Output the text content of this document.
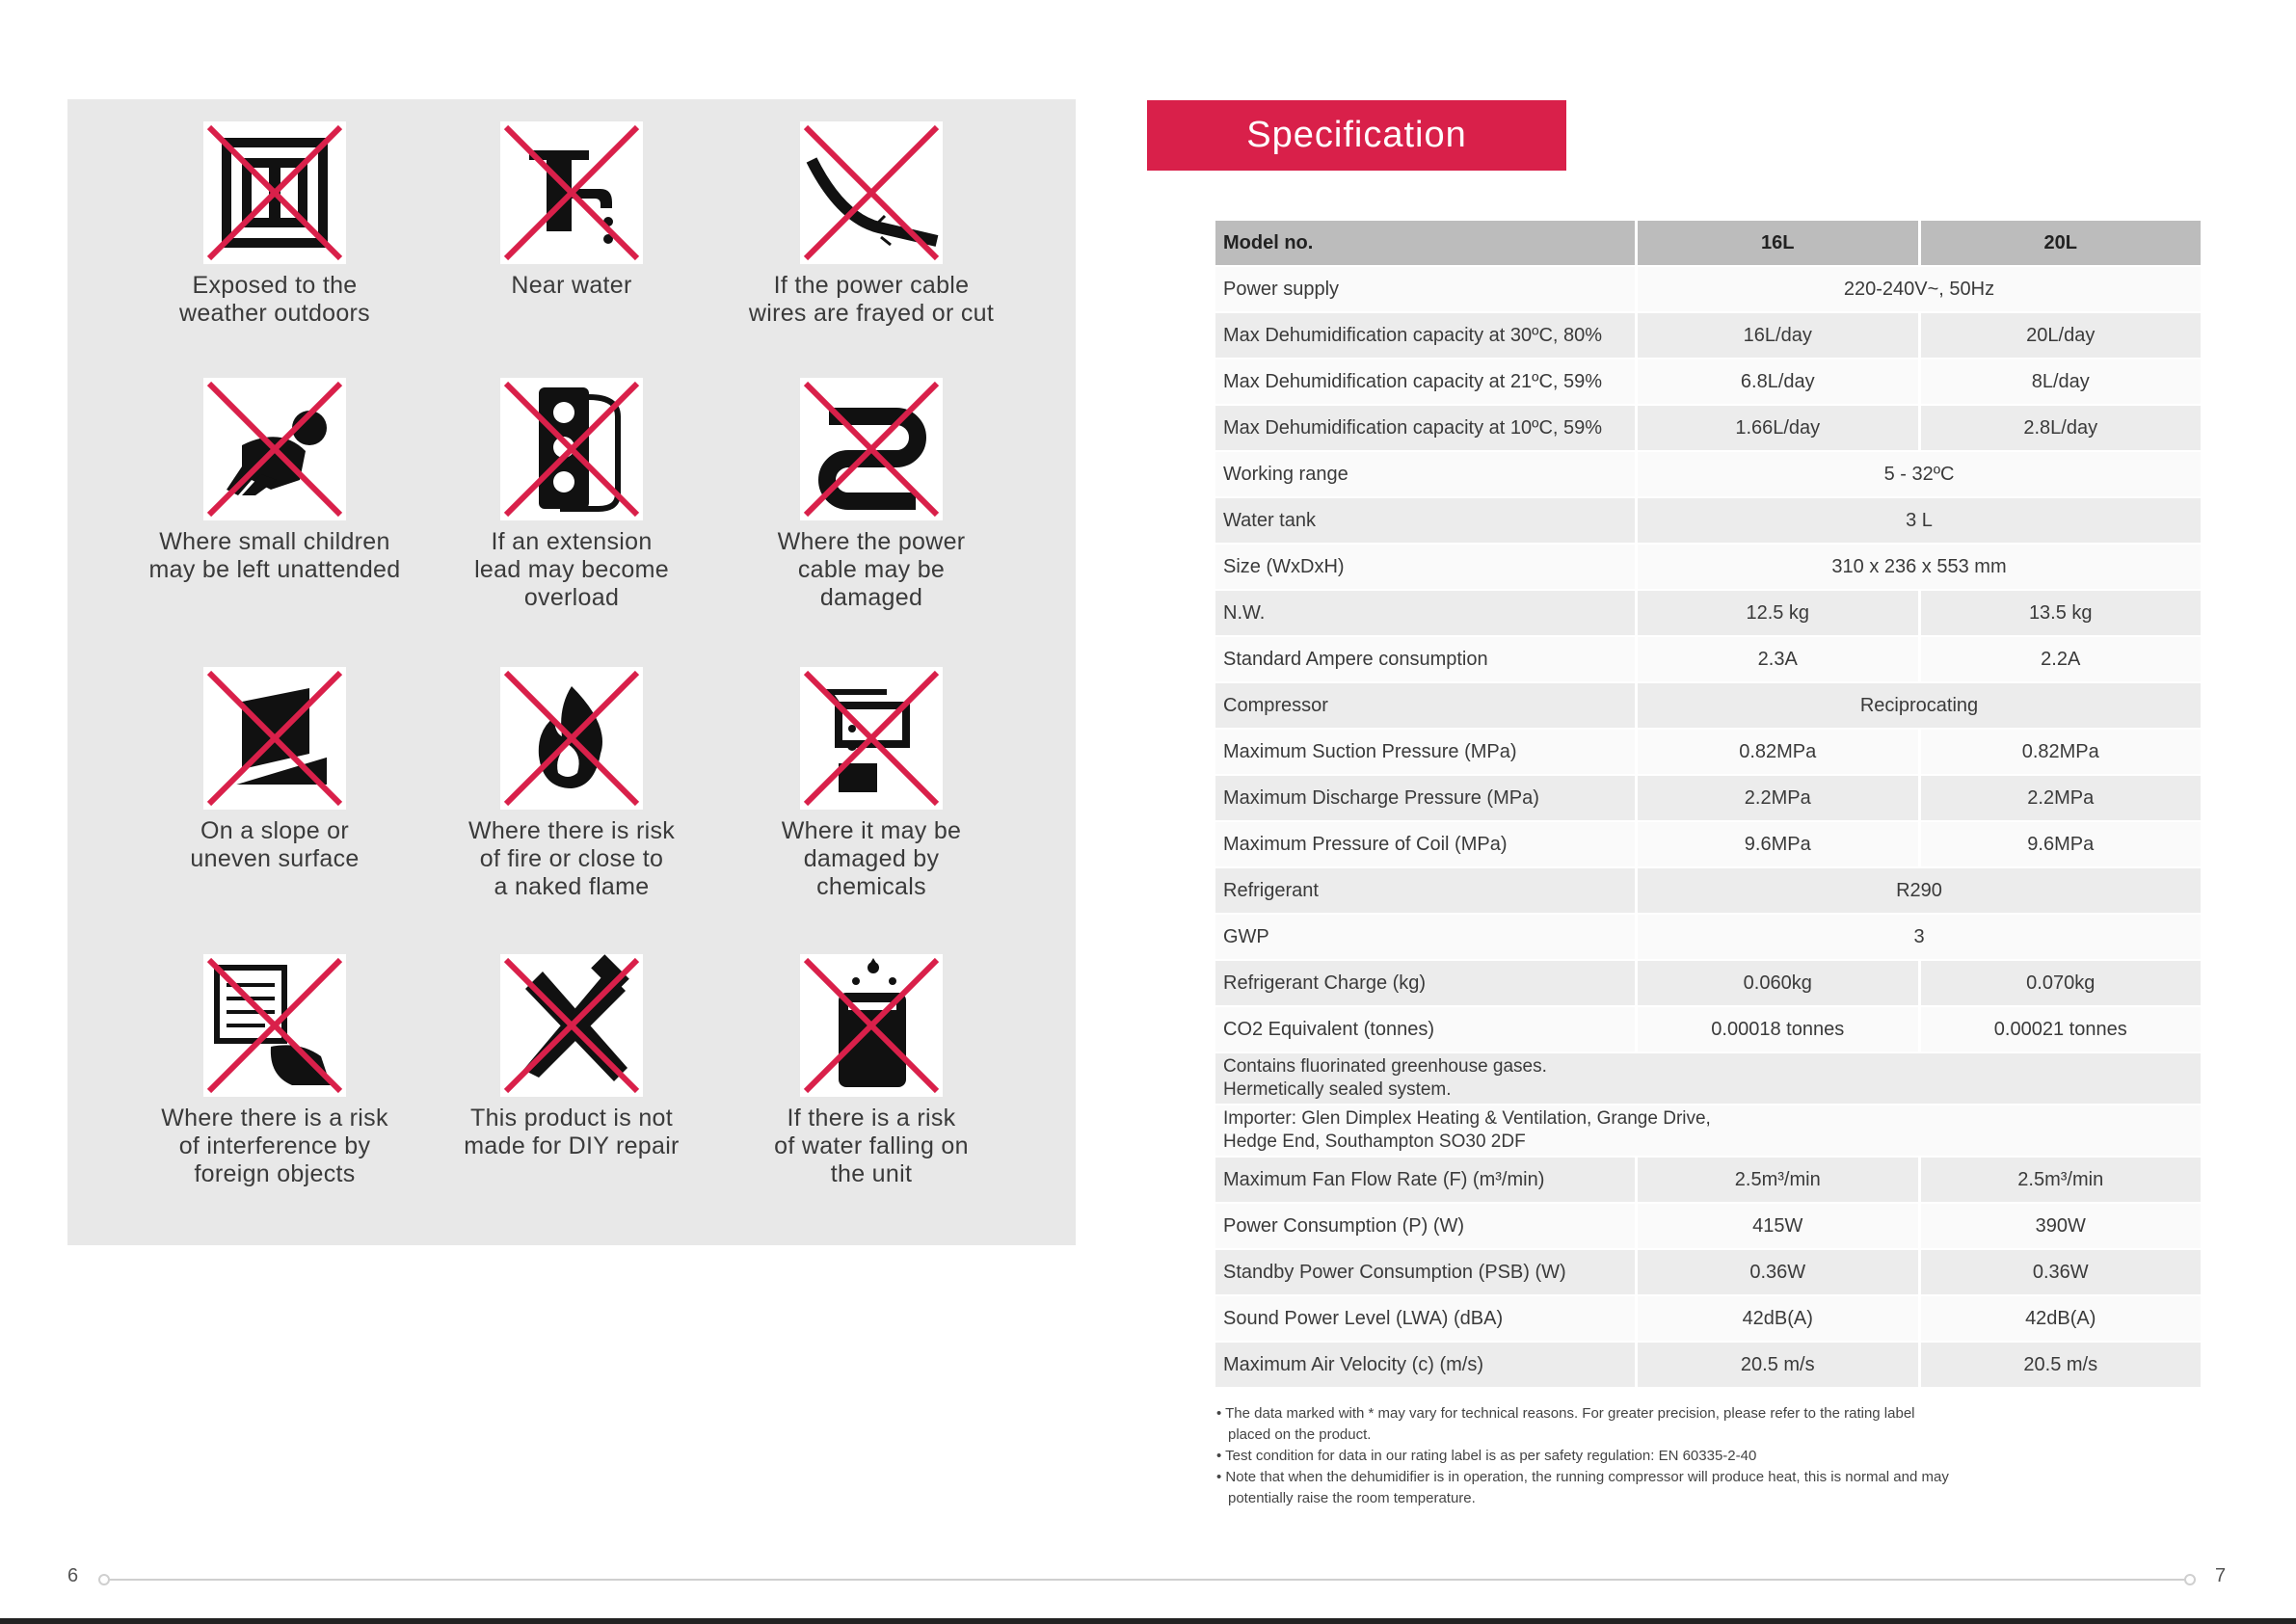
Exposed to the
weather outdoors
Near water	If the power cable
wires are frayed or cut
Where small children
may be left unattended
If an extension
lead may become
overload
Where the power
cable may be
damaged
On a slope or
uneven surface
Where there is risk
of fire or close to
a naked flame
Where it may be
damaged by
chemicals
Where there is a risk
of interference by
foreign objects
This product is not
made for DIY repair
If there is a risk
of water falling on
the unit
Specification
Model no.	16L	20L
Power supply	220-240V~, 50Hz	
Max Dehumidification capacity at 30ºC, 80%	16L/day	20L/day
Max Dehumidification capacity at 21ºC, 59%	6.8L/day	8L/day
Max Dehumidification capacity at 10ºC, 59%	1.66L/day	2.8L/day
Working range	5 - 32ºC	
Water tank	3 L	
Size (WxDxH)	310 x 236 x 553 mm	
N.W.	12.5 kg	13.5 kg
Standard Ampere consumption	2.3A	2.2A
Compressor	Reciprocating	
Maximum Suction Pressure (MPa)	0.82MPa	0.82MPa
Maximum Discharge Pressure (MPa)	2.2MPa	2.2MPa
Maximum Pressure of Coil (MPa)	9.6MPa	9.6MPa
Refrigerant	R290	
GWP	3	
Refrigerant Charge (kg)	0.060kg	0.070kg
CO2 Equivalent (tonnes)	0.00018 tonnes	0.00021 tonnes

Contains fluorinated greenhouse gases.
Hermetically sealed system.		

Importer: Glen Dimplex Heating & Ventilation, Grange Drive,
Hedge End, Southampton SO30 2DF		

Maximum Fan Flow Rate (F) (m³/min)	2.5m³/min	2.5m³/min
Power Consumption (P) (W)	415W	390W
Standby Power Consumption (PSB) (W)	0.36W	0.36W
Sound Power Level (LWA) (dBA)	42dB(A)	42dB(A)
Maximum Air Velocity (c) (m/s)	20.5 m/s	20.5 m/s
• The data marked with * may vary for technical reasons. For greater precision, please refer to the rating label placed on the product.
• Test condition for data in our rating label is as per safety regulation: EN 60335-2-40
• Note that when the dehumidifier is in operation, the running compressor will produce heat, this is normal and may potentially raise the room temperature.
6	7
